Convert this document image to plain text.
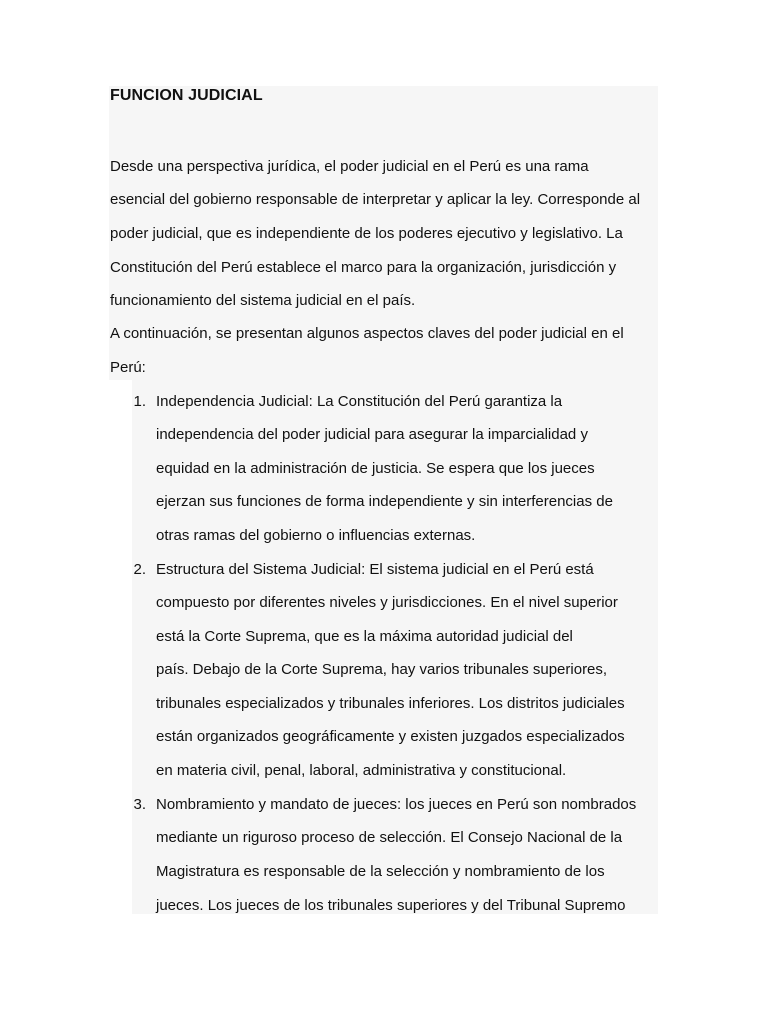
FUNCION JUDICIAL
Desde una perspectiva jurídica, el poder judicial en el Perú es una rama
esencial del gobierno responsable de interpretar y aplicar la ley. Corresponde al
poder judicial, que es independiente de los poderes ejecutivo y legislativo. La
Constitución del Perú establece el marco para la organización, jurisdicción y
funcionamiento del sistema judicial en el país.
A continuación, se presentan algunos aspectos claves del poder judicial en el
Perú:
1. Independencia Judicial: La Constitución del Perú garantiza la
independencia del poder judicial para asegurar la imparcialidad y
equidad en la administración de justicia. Se espera que los jueces
ejerzan sus funciones de forma independiente y sin interferencias de
otras ramas del gobierno o influencias externas.
2. Estructura del Sistema Judicial: El sistema judicial en el Perú está
compuesto por diferentes niveles y jurisdicciones. En el nivel superior
está la Corte Suprema, que es la máxima autoridad judicial del
país. Debajo de la Corte Suprema, hay varios tribunales superiores,
tribunales especializados y tribunales inferiores. Los distritos judiciales
están organizados geográficamente y existen juzgados especializados
en materia civil, penal, laboral, administrativa y constitucional.
3. Nombramiento y mandato de jueces: los jueces en Perú son nombrados
mediante un riguroso proceso de selección. El Consejo Nacional de la
Magistratura es responsable de la selección y nombramiento de los
jueces. Los jueces de los tribunales superiores y del Tribunal Supremo
